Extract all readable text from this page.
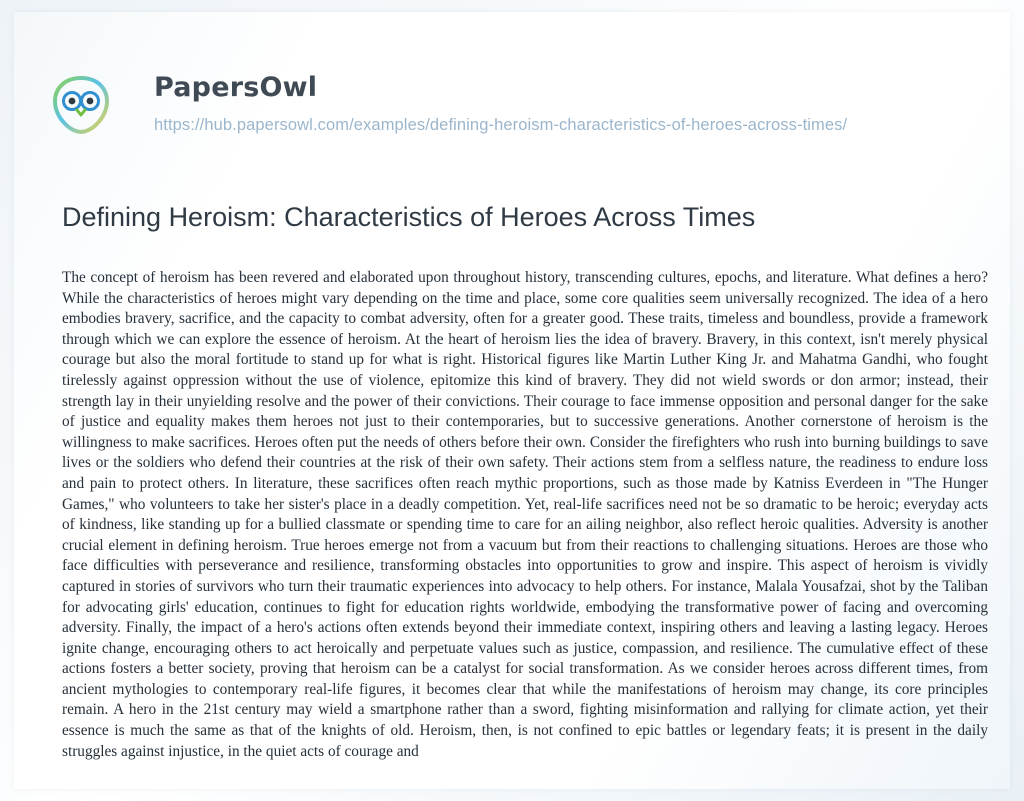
PapersOwl
https://hub.papersowl.com/examples/defining-heroism-characteristics-of-heroes-across-times/
Defining Heroism: Characteristics of Heroes Across Times
The concept of heroism has been revered and elaborated upon throughout history, transcending cultures, epochs, and literature. What defines a hero? While the characteristics of heroes might vary depending on the time and place, some core qualities seem universally recognized. The idea of a hero embodies bravery, sacrifice, and the capacity to combat adversity, often for a greater good. These traits, timeless and boundless, provide a framework through which we can explore the essence of heroism. At the heart of heroism lies the idea of bravery. Bravery, in this context, isn't merely physical courage but also the moral fortitude to stand up for what is right. Historical figures like Martin Luther King Jr. and Mahatma Gandhi, who fought tirelessly against oppression without the use of violence, epitomize this kind of bravery. They did not wield swords or don armor; instead, their strength lay in their unyielding resolve and the power of their convictions. Their courage to face immense opposition and personal danger for the sake of justice and equality makes them heroes not just to their contemporaries, but to successive generations. Another cornerstone of heroism is the willingness to make sacrifices. Heroes often put the needs of others before their own. Consider the firefighters who rush into burning buildings to save lives or the soldiers who defend their countries at the risk of their own safety. Their actions stem from a selfless nature, the readiness to endure loss and pain to protect others. In literature, these sacrifices often reach mythic proportions, such as those made by Katniss Everdeen in "The Hunger Games," who volunteers to take her sister's place in a deadly competition. Yet, real-life sacrifices need not be so dramatic to be heroic; everyday acts of kindness, like standing up for a bullied classmate or spending time to care for an ailing neighbor, also reflect heroic qualities. Adversity is another crucial element in defining heroism. True heroes emerge not from a vacuum but from their reactions to challenging situations. Heroes are those who face difficulties with perseverance and resilience, transforming obstacles into opportunities to grow and inspire. This aspect of heroism is vividly captured in stories of survivors who turn their traumatic experiences into advocacy to help others. For instance, Malala Yousafzai, shot by the Taliban for advocating girls' education, continues to fight for education rights worldwide, embodying the transformative power of facing and overcoming adversity. Finally, the impact of a hero's actions often extends beyond their immediate context, inspiring others and leaving a lasting legacy. Heroes ignite change, encouraging others to act heroically and perpetuate values such as justice, compassion, and resilience. The cumulative effect of these actions fosters a better society, proving that heroism can be a catalyst for social transformation. As we consider heroes across different times, from ancient mythologies to contemporary real-life figures, it becomes clear that while the manifestations of heroism may change, its core principles remain. A hero in the 21st century may wield a smartphone rather than a sword, fighting misinformation and rallying for climate action, yet their essence is much the same as that of the knights of old. Heroism, then, is not confined to epic battles or legendary feats; it is present in the daily struggles against injustice, in the quiet acts of courage and
